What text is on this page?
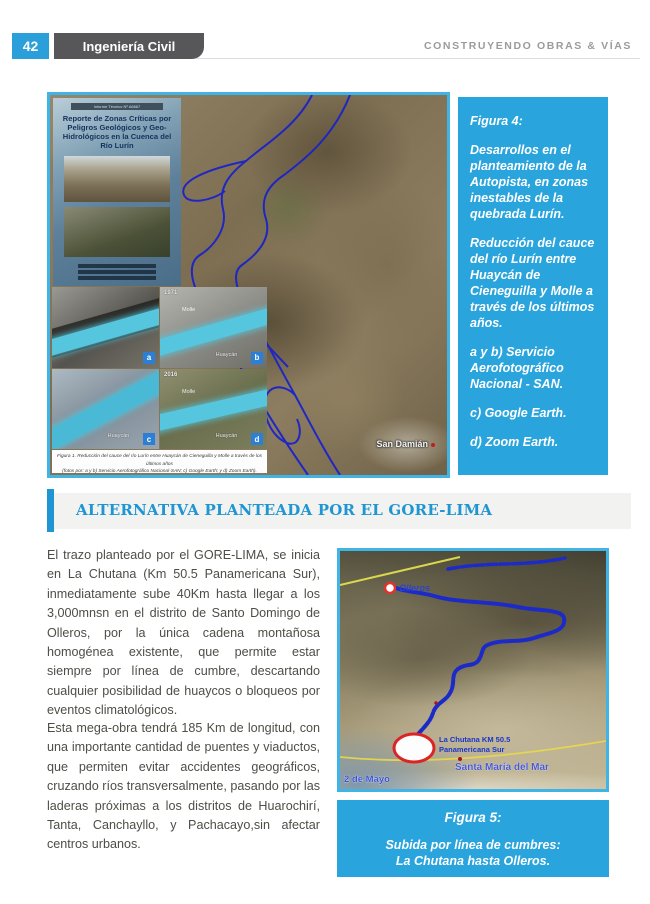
42	Ingeniería Civil	CONSTRUYENDO OBRAS & VÍAS
San Damián
Informe Técnico Nº A6667
Reporte de Zonas Críticas por Peligros Geológicos y Geo-Hidrológicos en la Cuenca del Río Lurín
a
1971
Molle
Huaycán	b
Huaycán	c
2016
Molle
Huaycán	d
Figura 1. Reducción del cauce del río Lurín entre Huaycán de Cieneguilla y Molle a través de los últimos años
(fotos por: a y b) Servicio Aerofotográfico Nacional-SAN; c) Google Earth; y d) Zoom Earth).

Figura 4:

Desarrollos en el planteamiento de la Autopista, en zonas inestables de la quebrada Lurín.

Reducción del cauce del río Lurín entre Huaycán de Cieneguilla y Molle a través de los últimos años.

a y b) Servicio Aerofotográfico Nacional - SAN.

c) Google Earth.

d) Zoom Earth.

ALTERNATIVA PLANTEADA POR EL GORE-LIMA

El trazo planteado por el GORE-LIMA, se inicia en La Chutana (Km 50.5 Panamericana Sur), inmediatamente sube 40Km hasta llegar a los 3,000mnsn en el distrito de Santo Domingo de Olleros, por la única cadena montañosa homogénea existente, que permite estar siempre por línea de cumbre, descartando cualquier posibilidad de huaycos o bloqueos por eventos climatológicos.

Esta mega-obra tendrá 185 Km de longitud, con una importante cantidad de puentes y viaductos, que permiten evitar accidentes geográficos, cruzando ríos transversalmente, pasando por las laderas próximas a los distritos de Huarochirí, Tanta, Canchayllo, y Pachacayo,sin afectar centros urbanos.

Olleros
La Chutana KM 50.5
Panamericana Sur
Santa María del Mar
2 de Mayo
Figura 5:
Subida por línea de cumbres:
La Chutana hasta Olleros.
